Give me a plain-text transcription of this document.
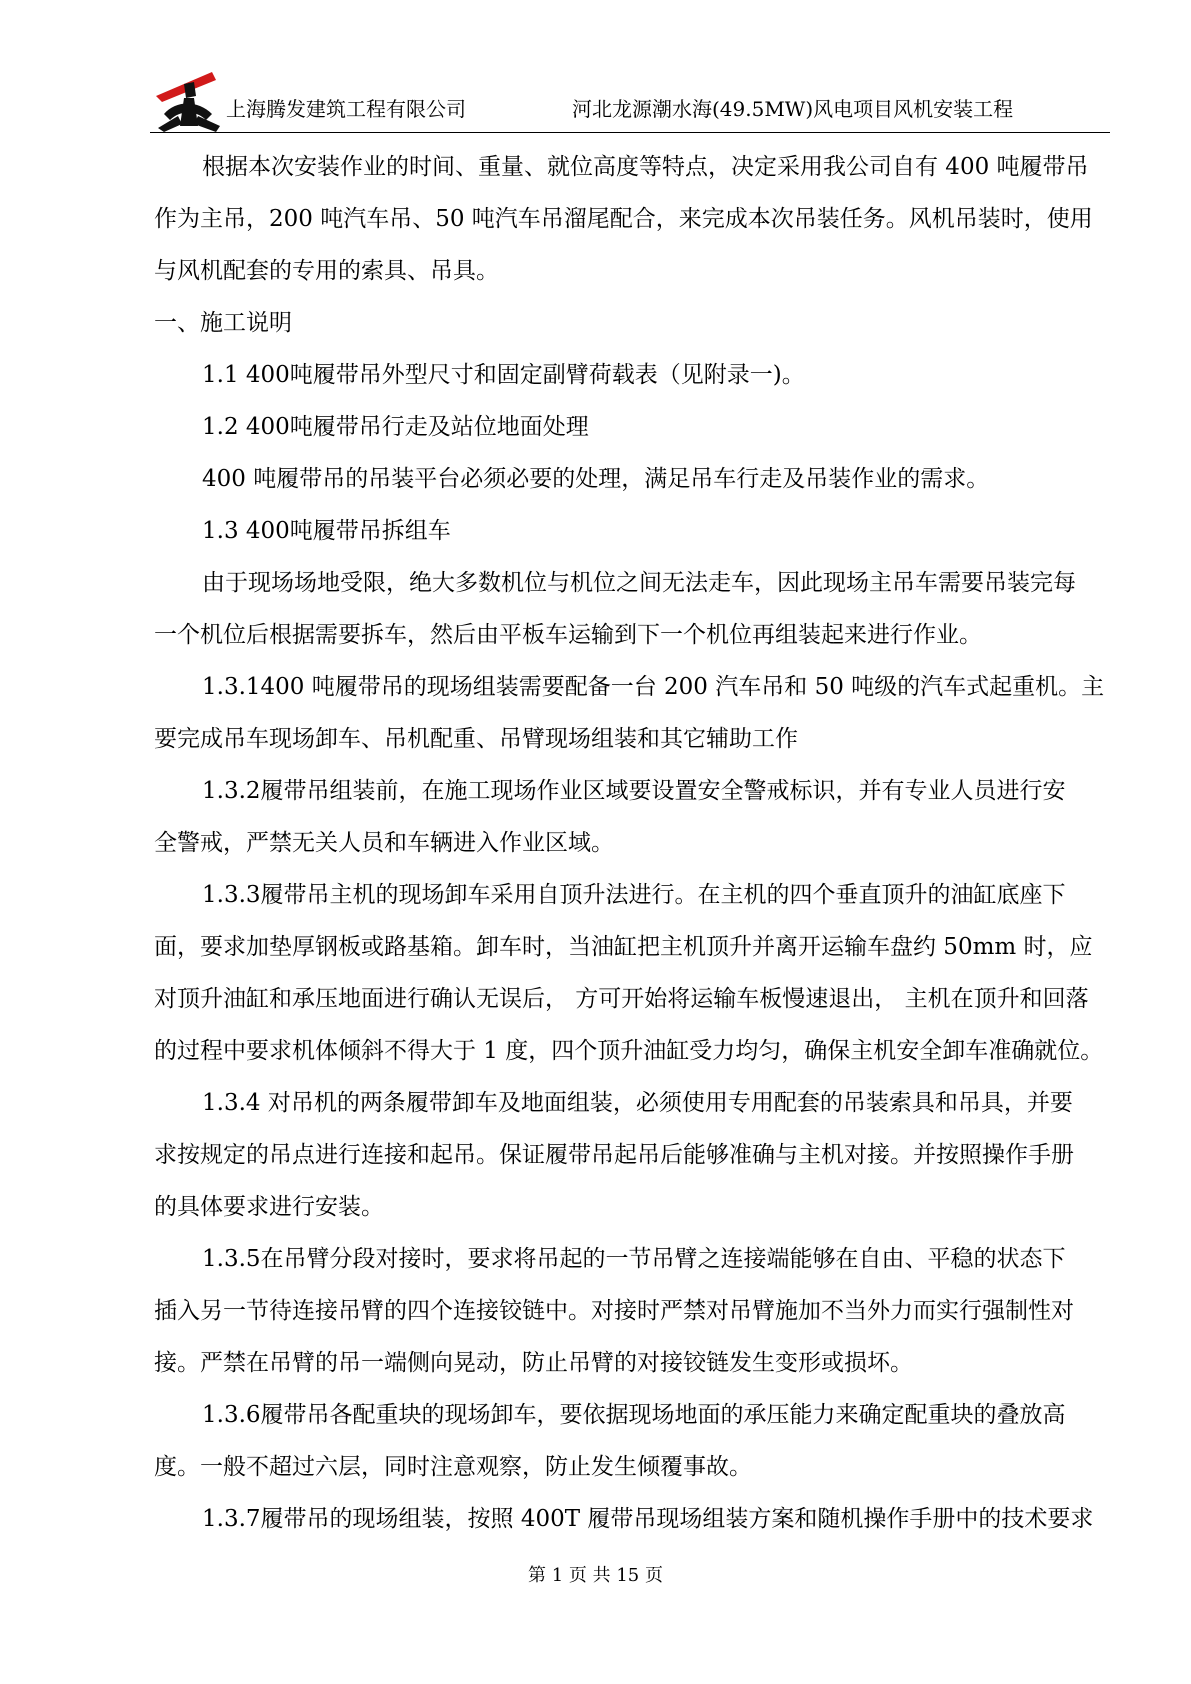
上海腾发建筑工程有限公司	河北龙源潮水海(49.5MW)风电项目风机安装工程
根据本次安装作业的时间、重量、就位高度等特点，决定采用我公司自有 400 吨履带吊
作为主吊，200 吨汽车吊、50 吨汽车吊溜尾配合，来完成本次吊装任务。风机吊装时，使用
与风机配套的专用的索具、吊具。
一、施工说明
1.1 400吨履带吊外型尺寸和固定副臂荷载表（见附录一)。
1.2 400吨履带吊行走及站位地面处理
400 吨履带吊的吊装平台必须必要的处理，满足吊车行走及吊装作业的需求。
1.3 400吨履带吊拆组车
由于现场场地受限，绝大多数机位与机位之间无法走车，因此现场主吊车需要吊装完每
一个机位后根据需要拆车，然后由平板车运输到下一个机位再组装起来进行作业。
1.3.1400 吨履带吊的现场组装需要配备一台 200 汽车吊和 50 吨级的汽车式起重机。主
要完成吊车现场卸车、吊机配重、吊臂现场组装和其它辅助工作
1.3.2履带吊组装前，在施工现场作业区域要设置安全警戒标识，并有专业人员进行安
全警戒，严禁无关人员和车辆进入作业区域。
1.3.3履带吊主机的现场卸车采用自顶升法进行。在主机的四个垂直顶升的油缸底座下
面，要求加垫厚钢板或路基箱。卸车时，当油缸把主机顶升并离开运输车盘约 50mm 时，应
对顶升油缸和承压地面进行确认无误后， 方可开始将运输车板慢速退出， 主机在顶升和回落
的过程中要求机体倾斜不得大于 1 度，四个顶升油缸受力均匀，确保主机安全卸车准确就位。
1.3.4 对吊机的两条履带卸车及地面组装，必须使用专用配套的吊装索具和吊具，并要
求按规定的吊点进行连接和起吊。保证履带吊起吊后能够准确与主机对接。并按照操作手册
的具体要求进行安装。
1.3.5在吊臂分段对接时，要求将吊起的一节吊臂之连接端能够在自由、平稳的状态下
插入另一节待连接吊臂的四个连接铰链中。对接时严禁对吊臂施加不当外力而实行强制性对
接。严禁在吊臂的吊一端侧向晃动，防止吊臂的对接铰链发生变形或损坏。
1.3.6履带吊各配重块的现场卸车，要依据现场地面的承压能力来确定配重块的叠放高
度。一般不超过六层，同时注意观察，防止发生倾覆事故。
1.3.7履带吊的现场组装，按照 400T 履带吊现场组装方案和随机操作手册中的技术要求
第 1 页 共 15 页
